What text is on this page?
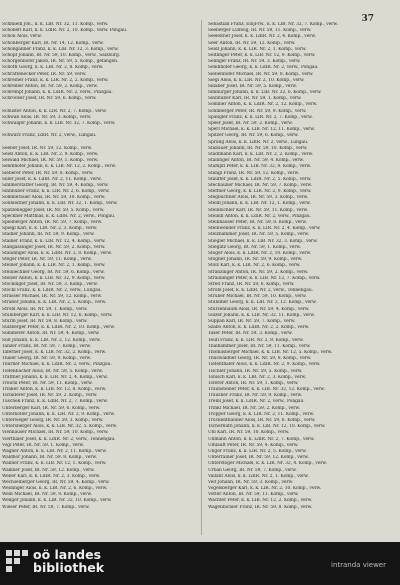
37
Schmiedl Joh., k. k. LIB. Nr. 32, 11. Komp., verw.
Schöberl Karl, k. k. LdIR. Nr. 2, 10. Komp., verw. Pongau.
Schön Alois, verw.
Schönberger Karl, IR. Nr. 14, 12. Komp., verw.
Schöngaßner Franz, k. k. LIB. Nr. 12, 3. Komp., verw.
Schöpf Johann, IR. Nr. 59, 10. Komp., verw., Salzburg.
Schörgenhofer Jakob, IR. Nr. 59, 5. Komp., gefangen.
Schöttl Georg, k. k. LIR. Nr. 2, 8. Komp., verw.
Schrattenecker Peter, IR. Nr. 59, verw.
Schreiner Franz, k. k. LIR. Nr. 2, 2. Komp., verw.
Schreiber Anton, IR. Nr. 59, 2. Komp., verw.
Schrempf Johann, k. k. LdIR. Nr. 2, verw., Pinzgau.
Schröcker Josef, IR. Nr. 59, 6. Komp., verw.
Schuster Anton, k. k. LIR. Nr. 2, 7. Komp., verw.
Schwab Alois, IR. Nr. 59, 3. Komp., verw.
Schwaiger Johann, k. k. LIB. Nr. 32, 7. Komp., verw.
Schwarz Franz, LdIR. Nr. 2, verw., Lungau.
Seeber Josef, IR. Nr. 59, 12. Komp., verw.
Seidl Anton, k. k. LIR. Nr. 2, 9. Komp., verw.
Seiwald Michael, IR. Nr. 59, 1. Komp., verw.
Sendlhofer Johann, k. k. LIB. Nr. 12, 2. Komp., verw.
Sieberer Peter, IR. Nr. 59, 8. Komp., verw.
Siller Josef, k. k. LdIR. Nr. 2, 11. Komp., verw.
Simmerstatter Georg, IR. Nr. 59, 4. Komp., verw.
Sinnhuber Franz, k. k. LIR. Nr. 2, 6. Komp., verw.
Sommerauer Alois, IR. Nr. 59, 10. Komp., verw.
Sonnleitner Johann, k. k. LIB. Nr. 32, 1. Komp., verw.
Spatzenegger Josef, IR. Nr. 59, 5. Komp., verw.
Speckner Matthias, k. k. LdIR. Nr. 2, verw., Pongau.
Spielberger Anton, IR. Nr. 59, 7. Komp., verw.
Spiegl Karl, k. k. LIR. Nr. 2, 3. Komp., verw.
Stadler Johann, IR. Nr. 59, 9. Komp., verw.
Stainer Franz, k. k. LIB. Nr. 12, 4. Komp., verw.
Stangassinger Josef, IR. Nr. 59, 2. Komp., verw.
Staudinger Alois, k. k. LdIR. Nr. 2, 8. Komp., verw.
Steger Peter, IR. Nr. 59, 11. Komp., verw.
Steiner Johann, k. k. LIR. Nr. 2, 1. Komp., verw.
Steinlechner Georg, IR. Nr. 59, 6. Komp., verw.
Stelzer Anton, k. k. LIB. Nr. 32, 9. Komp., verw.
Stockinger Josef, IR. Nr. 59, 3. Komp., verw.
Stöckl Franz, k. k. LdIR. Nr. 2, verw., Lungau.
Strasser Michael, IR. Nr. 59, 12. Komp., verw.
Straßer Johann, k. k. LIR. Nr. 2, 5. Komp., verw.
Strobl Alois, IR. Nr. 59, 1. Komp., verw.
Stuhlberger Karl, k. k. LIB. Nr. 12, 6. Komp., verw.
Sturm Josef, IR. Nr. 59, 8. Komp., verw.
Sulzberger Peter, k. k. LdIR. Nr. 2, 10. Komp., verw.
Summerer Anton, IR. Nr. 59, 4. Komp., verw.
Süß Johann, k. k. LIR. Nr. 2, 12. Komp., verw.
Tanzer Franz, IR. Nr. 59, 7. Komp., verw.
Taferner Josef, k. k. LIB. Nr. 32, 2. Komp., verw.
Thaler Georg, IR. Nr. 59, 9. Komp., verw.
Thurner Michael, k. k. LdIR. Nr. 2, verw., Pinzgau.
Tiefenbacher Alois, IR. Nr. 59, 5. Komp., verw.
Trattner Johann, k. k. LIR. Nr. 2, 4. Komp., verw.
Treichl Peter, IR. Nr. 59, 11. Komp., verw.
Trinker Anton, k. k. LIB. Nr. 12, 8. Komp., verw.
Tschiderer Josef, IR. Nr. 59, 2. Komp., verw.
Tuschek Franz, k. k. LdIR. Nr. 2, 7. Komp., verw.
Unterberger Karl, IR. Nr. 59, 6. Komp., verw.
Unterkofler Johann, k. k. LIR. Nr. 2, 9. Komp., verw.
Unterweger Georg, IR. Nr. 59, 3. Komp., verw.
Untersberger Alois, k. k. LIB. Nr. 32, 5. Komp., verw.
Viehhauser Michael, IR. Nr. 59, 10. Komp., verw.
Vierthaler Josef, k. k. LdIR. Nr. 2, verw., Tennengau.
Vogl Peter, IR. Nr. 59, 1. Komp., verw.
Wagner Anton, k. k. LIR. Nr. 2, 11. Komp., verw.
Waldhör Johann, IR. Nr. 59, 8. Komp., verw.
Wallner Franz, k. k. LIB. Nr. 12, 1. Komp., verw.
Walkner Josef, IR. Nr. 59, 12. Komp., verw.
Weber Karl, k. k. LdIR. Nr. 2, 3. Komp., verw.
Wechselberger Georg, IR. Nr. 59, 4. Komp., verw.
Weidinger Alois, k. k. LIR. Nr. 2, 6. Komp., verw.
Weiß Michael, IR. Nr. 59, 9. Komp., verw.
Wenger Johann, k. k. LIB. Nr. 32, 10. Komp., verw.
Wieser Peter, IR. Nr. 59, 7. Komp., verw.
Sebastian Franz, EinjFrw., k. k. LIB. Nr. 32, 7. Komp., verw.
Seeberger Ludwig, IR. Nr. 59, 11. Komp., verw.
Seeleitner Josef, k. k. LdIR. Nr. 2, 4. Komp., verw.
Seer Anton, IR. Nr. 59, 12. Komp., verw.
Seidl Johann, k. k. LIR. Nr. 2, 1. Komp., verw.
Seitlinger Peter, k. k. LIB. Nr. 12, 9. Komp., verw.
Selinger Franz, IR. Nr. 59, 3. Komp., verw.
Sendlhofer Georg, k. k. LdIR. Nr. 2, verw., Pongau.
Siebenhofer Michael, IR. Nr. 59, 8. Komp., verw.
Siegl Alois, k. k. LIR. Nr. 2, 10. Komp., verw.
Sillaber Josef, IR. Nr. 59, 5. Komp., verw.
Simbürger Johann, k. k. LIB. Nr. 32, 6. Komp., verw.
Sinnhuber Karl, IR. Nr. 59, 1. Komp., verw.
Sommer Anton, k. k. LdIR. Nr. 2, 12. Komp., verw.
Sonnberger Peter, IR. Nr. 59, 9. Komp., verw.
Spängler Franz, k. k. LIR. Nr. 2, 7. Komp., verw.
Speer Josef, IR. Nr. 59, 2. Komp., verw.
Sperl Michael, k. k. LIB. Nr. 12, 11. Komp., verw.
Spitzer Georg, IR. Nr. 59, 6. Komp., verw.
Sprung Alois, k. k. LdIR. Nr. 2, verw., Lungau.
Stabauer Johann, IR. Nr. 59, 10. Komp., verw.
Stadlmann Karl, k. k. LIR. Nr. 2, 2. Komp., verw.
Stallinger Anton, IR. Nr. 59, 4. Komp., verw.
Stampfl Peter, k. k. LIB. Nr. 32, 8. Komp., verw.
Stangl Franz, IR. Nr. 59, 12. Komp., verw.
Stauffer Josef, k. k. LdIR. Nr. 2, 5. Komp., verw.
Stechauner Michael, IR. Nr. 59, 7. Komp., verw.
Steffner Georg, k. k. LIR. Nr. 2, 9. Komp., verw.
Stegbuchner Alois, IR. Nr. 59, 3. Komp., verw.
Steidl Johann, k. k. LIB. Nr. 12, 1. Komp., verw.
Steinbichler Karl, IR. Nr. 59, 11. Komp., verw.
Steindl Anton, k. k. LdIR. Nr. 2, verw., Pinzgau.
Steinhauser Peter, IR. Nr. 59, 8. Komp., verw.
Steinwender Franz, k. k. LIR. Nr. 2, 4. Komp., verw.
Stelzhammer Josef, IR. Nr. 59, 5. Komp., verw.
Stiegler Michael, k. k. LIB. Nr. 32, 3. Komp., verw.
Stieglitz Georg, IR. Nr. 59, 1. Komp., verw.
Stöger Alois, k. k. LdIR. Nr. 2, 10. Komp., verw.
Stögner Johann, IR. Nr. 59, 9. Komp., verw.
Stolz Karl, k. k. LIR. Nr. 2, 6. Komp., verw.
Stranzinger Anton, IR. Nr. 59, 2. Komp., verw.
Straubinger Peter, k. k. LIB. Nr. 12, 7. Komp., verw.
Streif Franz, IR. Nr. 59, 6. Komp., verw.
Strobl Josef, k. k. LdIR. Nr. 2, verw., Tennengau.
Struber Michael, IR. Nr. 59, 10. Komp., verw.
Stummer Georg, k. k. LIR. Nr. 2, 12. Komp., verw.
Stürzenbaum Alois, IR. Nr. 59, 4. Komp., verw.
Sulzer Johann, k. k. LIB. Nr. 32, 11. Komp., verw.
Suppan Karl, IR. Nr. 59, 7. Komp., verw.
Szabo Anton, k. k. LdIR. Nr. 2, 2. Komp., verw.
Taxer Peter, IR. Nr. 59, 3. Komp., verw.
Teufl Franz, k. k. LIR. Nr. 2, 8. Komp., verw.
Thalhammer Josef, IR. Nr. 59, 11. Komp., verw.
Thomasberger Michael, k. k. LIB. Nr. 12, 5. Komp., verw.
Thuswaldner Georg, IR. Nr. 59, 8. Komp., verw.
Tiefenthaler Alois, k. k. LdIR. Nr. 2, 9. Komp., verw.
Tischler Johann, IR. Nr. 59, 5. Komp., verw.
Tobisch Karl, k. k. LIR. Nr. 2, 3. Komp., verw.
Toferer Anton, IR. Nr. 59, 1. Komp., verw.
Traunsteiner Peter, k. k. LIB. Nr. 32, 12. Komp., verw.
Trausner Franz, IR. Nr. 59, 9. Komp., verw.
Treml Josef, k. k. LdIR. Nr. 2, verw., Pongau.
Trinkl Michael, IR. Nr. 59, 2. Komp., verw.
Tropper Georg, k. k. LIR. Nr. 2, 11. Komp., verw.
Truckenthanner Alois, IR. Nr. 59, 6. Komp., verw.
Tschernuth Johann, k. k. LIB. Nr. 12, 10. Komp., verw.
Uhl Karl, IR. Nr. 59, 10. Komp., verw.
Ullmann Anton, k. k. LdIR. Nr. 2, 7. Komp., verw.
Umlauft Peter, IR. Nr. 59, 4. Komp., verw.
Unger Franz, k. k. LIR. Nr. 2, 5. Komp., verw.
Unterrainer Josef, IR. Nr. 59, 12. Komp., verw.
Unterstöger Michael, k. k. LIB. Nr. 32, 4. Komp., verw.
Urban Georg, IR. Nr. 59, 7. Komp., verw.
Vallant Alois, k. k. LdIR. Nr. 2, 1. Komp., verw.
Veit Johann, IR. Nr. 59, 3. Komp., verw.
Vogelsberger Karl, k. k. LIR. Nr. 2, 10. Komp., verw.
Vötter Anton, IR. Nr. 59, 11. Komp., verw.
Wachter Peter, k. k. LIB. Nr. 12, 2. Komp., verw.
Wagenbichler Franz, IR. Nr. 59, 8. Komp., verw.
oö landes
bibliothek	intranda viewer
